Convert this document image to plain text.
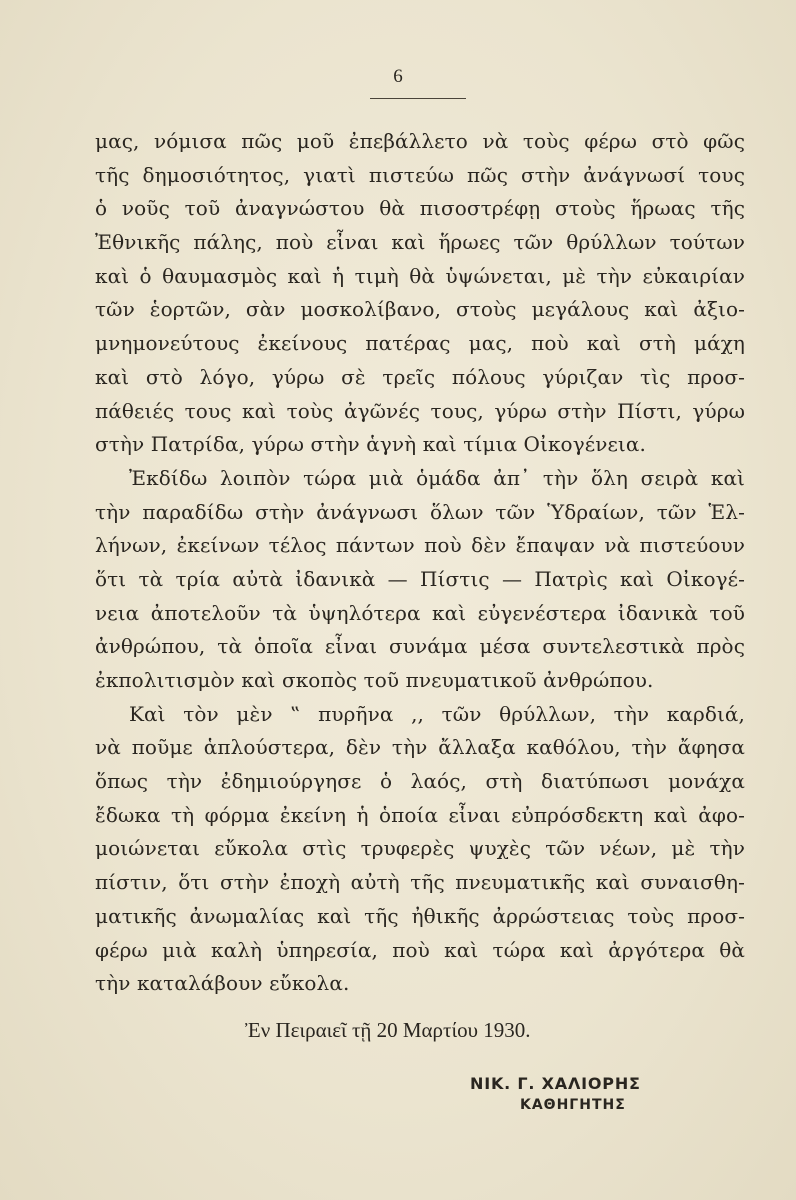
6
μας, νόμισα πῶς μοῦ ἐπεβάλλετο νὰ τοὺς φέρω στὸ φῶς
τῆς δημοσιότητος, γιατὶ πιστεύω πῶς στὴν ἀνάγνωσί τους
ὁ νοῦς τοῦ ἀναγνώστου θὰ πισοστρέφῃ στοὺς ἥρωας τῆς
Ἐθνικῆς πάλης, ποὺ εἶναι καὶ ἥρωες τῶν θρύλλων τούτων
καὶ ὁ θαυμασμὸς καὶ ἡ τιμὴ θὰ ὑψώνεται, μὲ τὴν εὐκαιρίαν
τῶν ἑορτῶν, σὰν μοσκολίβανο, στοὺς μεγάλους καὶ ἀξιο-
μνημονεύτους ἐκείνους πατέρας μας, ποὺ καὶ στὴ μάχη
καὶ στὸ λόγο, γύρω σὲ τρεῖς πόλους γύριζαν τὶς προσ-
πάθειές τους καὶ τοὺς ἀγῶνές τους, γύρω στὴν Πίστι, γύρω
στὴν Πατρίδα, γύρω στὴν ἁγνὴ καὶ τίμια Οἰκογένεια.
Ἐκδίδω λοιπὸν τώρα μιὰ ὁμάδα ἀπ᾽ τὴν ὅλη σειρὰ καὶ
τὴν παραδίδω στὴν ἀνάγνωσι ὅλων τῶν Ὑδραίων, τῶν Ἑλ-
λήνων, ἐκείνων τέλος πάντων ποὺ δὲν ἔπαψαν νὰ πιστεύουν
ὅτι τὰ τρία αὐτὰ ἰδανικὰ — Πίστις — Πατρὶς καὶ Οἰκογέ-
νεια ἀποτελοῦν τὰ ὑψηλότερα καὶ εὐγενέστερα ἰδανικὰ τοῦ
ἀνθρώπου, τὰ ὁποῖα εἶναι συνάμα μέσα συντελεστικὰ πρὸς
ἐκπολιτισμὸν καὶ σκοπὸς τοῦ πνευματικοῦ ἀνθρώπου.
Καὶ τὸν μὲν ‟ πυρῆνα ,, τῶν θρύλλων, τὴν καρδιά,
νὰ ποῦμε ἁπλούστερα, δὲν τὴν ἄλλαξα καθόλου, τὴν ἄφησα
ὅπως τὴν ἐδημιούργησε ὁ λαός, στὴ διατύπωσι μονάχα
ἔδωκα τὴ φόρμα ἐκείνη ἡ ὁποία εἶναι εὐπρόσδεκτη καὶ ἀφο-
μοιώνεται εὔκολα στὶς τρυφερὲς ψυχὲς τῶν νέων, μὲ τὴν
πίστιν, ὅτι στὴν ἐποχὴ αὐτὴ τῆς πνευματικῆς καὶ συναισθη-
ματικῆς ἀνωμαλίας καὶ τῆς ἠθικῆς ἀρρώστειας τοὺς προσ-
φέρω μιὰ καλὴ ὑπηρεσία, ποὺ καὶ τώρα καὶ ἀργότερα θὰ
τὴν καταλάβουν εὔκολα.
Ἐν Πειραιεῖ τῇ 20 Μαρτίου 1930.
ΝΙΚ. Γ. ΧΑΛΙΟΡΗΣ
ΚΑΘΗΓΗΤΗΣ
